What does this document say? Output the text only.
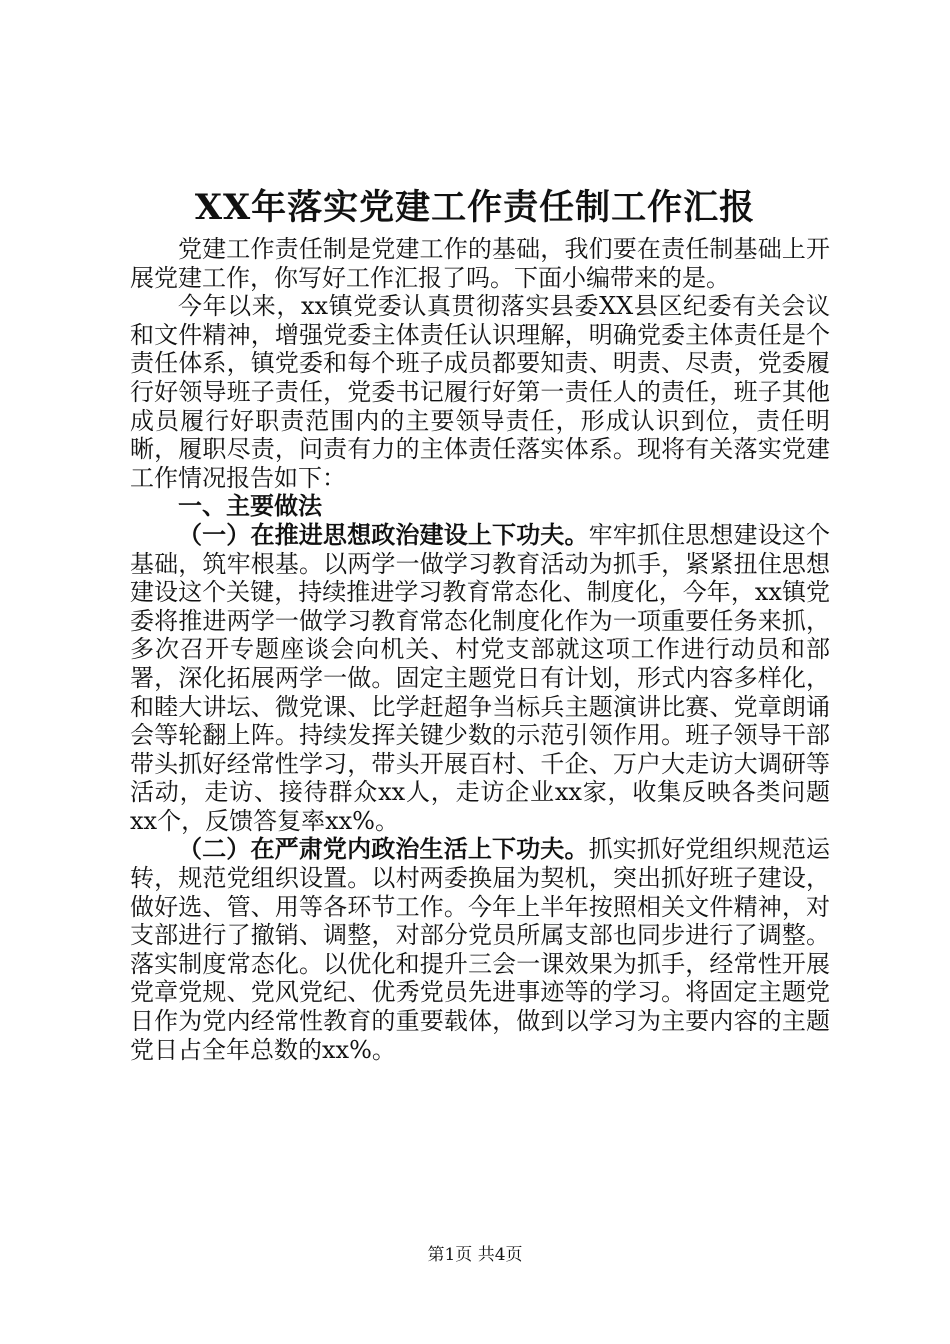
XX年落实党建工作责任制工作汇报

党建工作责任制是党建工作的基础，我们要在责任制基础上开展党建工作，你写好工作汇报了吗。下面小编带来的是。

今年以来，xx镇党委认真贯彻落实县委XX县区纪委有关会议和文件精神，增强党委主体责任认识理解，明确党委主体责任是个责任体系，镇党委和每个班子成员都要知责、明责、尽责，党委履行好领导班子责任，党委书记履行好第一责任人的责任，班子其他成员履行好职责范围内的主要领导责任，形成认识到位，责任明晰，履职尽责，问责有力的主体责任落实体系。现将有关落实党建工作情况报告如下：

一、主要做法

（一）在推进思想政治建设上下功夫。牢牢抓住思想建设这个基础，筑牢根基。以两学一做学习教育活动为抓手，紧紧扭住思想建设这个关键，持续推进学习教育常态化、制度化，今年，xx镇党委将推进两学一做学习教育常态化制度化作为一项重要任务来抓，多次召开专题座谈会向机关、村党支部就这项工作进行动员和部署，深化拓展两学一做。固定主题党日有计划，形式内容多样化，和睦大讲坛、微党课、比学赶超争当标兵主题演讲比赛、党章朗诵会等轮翻上阵。持续发挥关键少数的示范引领作用。班子领导干部带头抓好经常性学习，带头开展百村、千企、万户大走访大调研等活动，走访、接待群众xx人，走访企业xx家，收集反映各类问题xx个，反馈答复率xx%。

（二）在严肃党内政治生活上下功夫。抓实抓好党组织规范运转，规范党组织设置。以村两委换届为契机，突出抓好班子建设，做好选、管、用等各环节工作。今年上半年按照相关文件精神，对支部进行了撤销、调整，对部分党员所属支部也同步进行了调整。落实制度常态化。以优化和提升三会一课效果为抓手，经常性开展党章党规、党风党纪、优秀党员先进事迹等的学习。将固定主题党日作为党内经常性教育的重要载体，做到以学习为主要内容的主题党日占全年总数的xx%。

第1页 共4页
